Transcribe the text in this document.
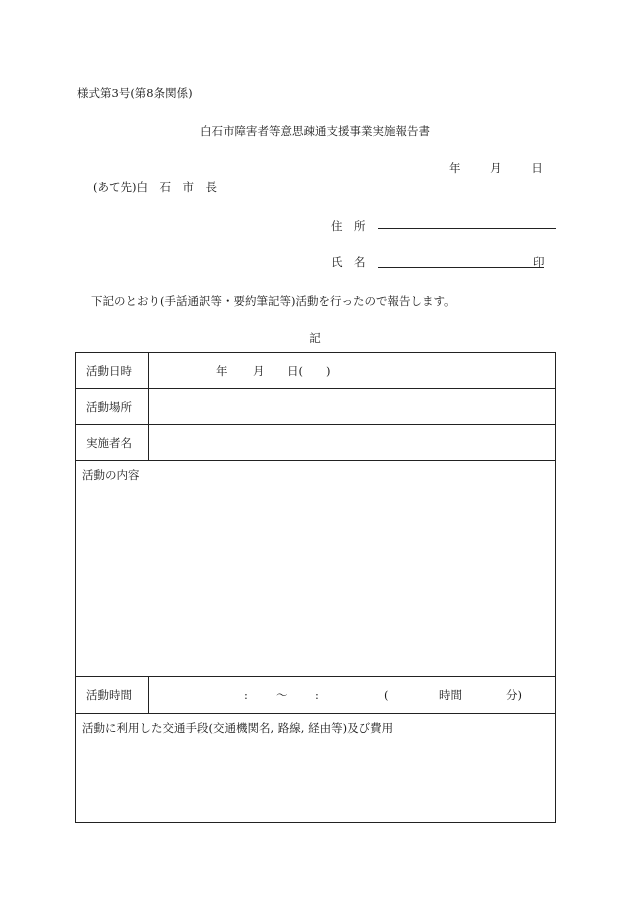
様式第3号(第8条関係)
白石市障害者等意思疎通支援事業実施報告書
年	月	日
(あて先)白　石　市　長
住　所
氏　名	印
下記のとおり(手話通訳等・要約筆記等)活動を行ったので報告します。
記
活動日時	年 月 日(　　)
活動場所
実施者名
活動の内容
活動時間	: 〜 :	(	時間	分)
活動に利用した交通手段(交通機関名, 路線, 経由等)及び費用
